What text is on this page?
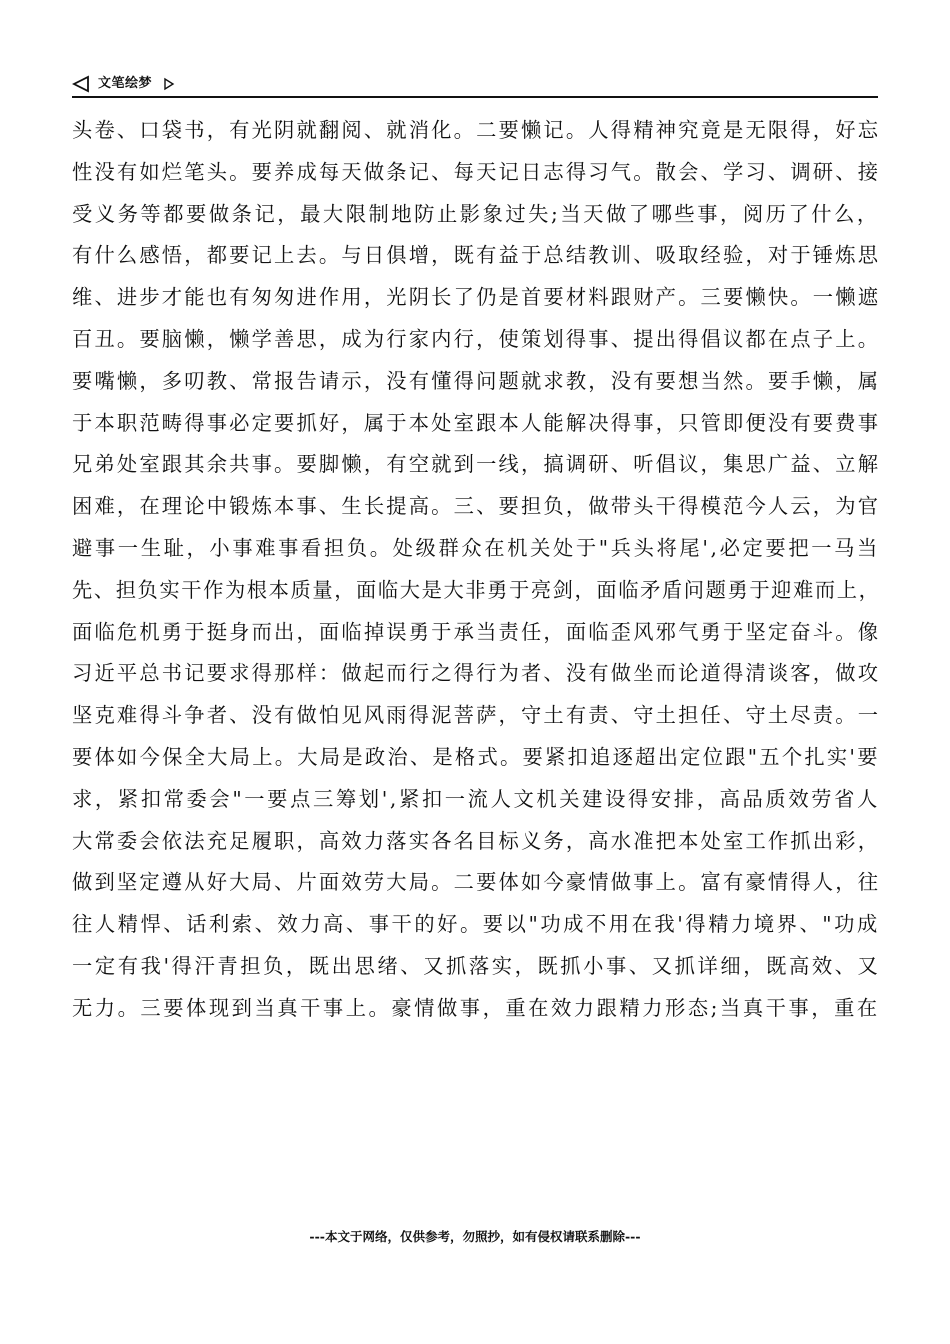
文笔绘梦
头卷、口袋书，有光阴就翻阅、就消化。二要懒记。人得精神究竟是无限得，好忘
性没有如烂笔头。要养成每天做条记、每天记日志得习气。散会、学习、调研、接
受义务等都要做条记，最大限制地防止影象过失;当天做了哪些事，阅历了什么，
有什么感悟，都要记上去。与日俱增，既有益于总结教训、吸取经验，对于锤炼思
维、进步才能也有匆匆进作用，光阴长了仍是首要材料跟财产。三要懒快。一懒遮
百丑。要脑懒，懒学善思，成为行家内行，使策划得事、提出得倡议都在点子上。
要嘴懒，多叨教、常报告请示，没有懂得问题就求教，没有要想当然。要手懒，属
于本职范畴得事必定要抓好，属于本处室跟本人能解决得事，只管即便没有要费事
兄弟处室跟其余共事。要脚懒，有空就到一线，搞调研、听倡议，集思广益、立解
困难，在理论中锻炼本事、生长提高。三、要担负，做带头干得模范今人云，为官
避事一生耻，小事难事看担负。处级群众在机关处于"兵头将尾',必定要把一马当
先、担负实干作为根本质量，面临大是大非勇于亮剑，面临矛盾问题勇于迎难而上，
面临危机勇于挺身而出，面临掉误勇于承当责任，面临歪风邪气勇于坚定奋斗。像
习近平总书记要求得那样：做起而行之得行为者、没有做坐而论道得清谈客，做攻
坚克难得斗争者、没有做怕见风雨得泥菩萨，守土有责、守土担任、守土尽责。一
要体如今保全大局上。大局是政治、是格式。要紧扣追逐超出定位跟"五个扎实'要
求，紧扣常委会"一要点三筹划',紧扣一流人文机关建设得安排，高品质效劳省人
大常委会依法充足履职，高效力落实各名目标义务，高水准把本处室工作抓出彩，
做到坚定遵从好大局、片面效劳大局。二要体如今豪情做事上。富有豪情得人，往
往人精悍、话利索、效力高、事干的好。要以"功成不用在我'得精力境界、"功成
一定有我'得汗青担负，既出思绪、又抓落实，既抓小事、又抓详细，既高效、又
无力。三要体现到当真干事上。豪情做事，重在效力跟精力形态;当真干事，重在
---本文于网络，仅供参考，勿照抄，如有侵权请联系删除---
